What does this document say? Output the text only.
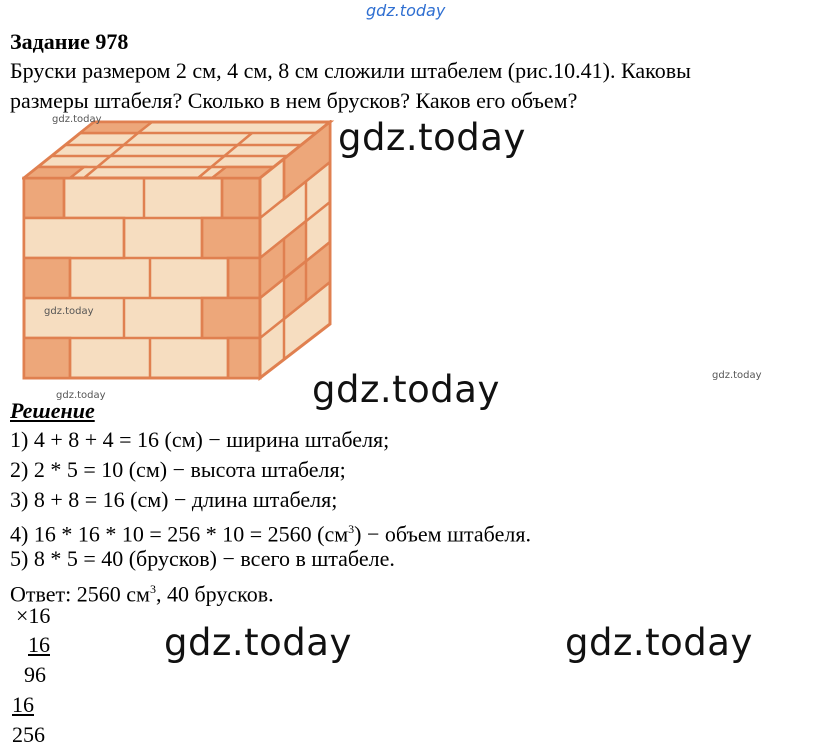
gdz.today
Задание 978
Бруски размером 2 см, 4 см, 8 см сложили штабелем (рис.10.41). Каковы
размеры штабеля? Сколько в нем брусков? Каков его объем?
gdz.today
gdz.today
gdz.today
gdz.today
gdz.today
gdz.today
gdz.today	gdz.today
Решение
1) 4 + 8 + 4 = 16 (см) − ширина штабеля;
2) 2 * 5 = 10 (см) − высота штабеля;
3) 8 + 8 = 16 (см) − длина штабеля;
4) 16 * 16 * 10 = 256 * 10 = 2560 $(см^3)$ − объем штабеля.
5) 8 * 5 = 40 (брусков) − всего в штабеле.
Ответ: 2560 $см^3$, 40 брусков.
×16
16
96
16
256
